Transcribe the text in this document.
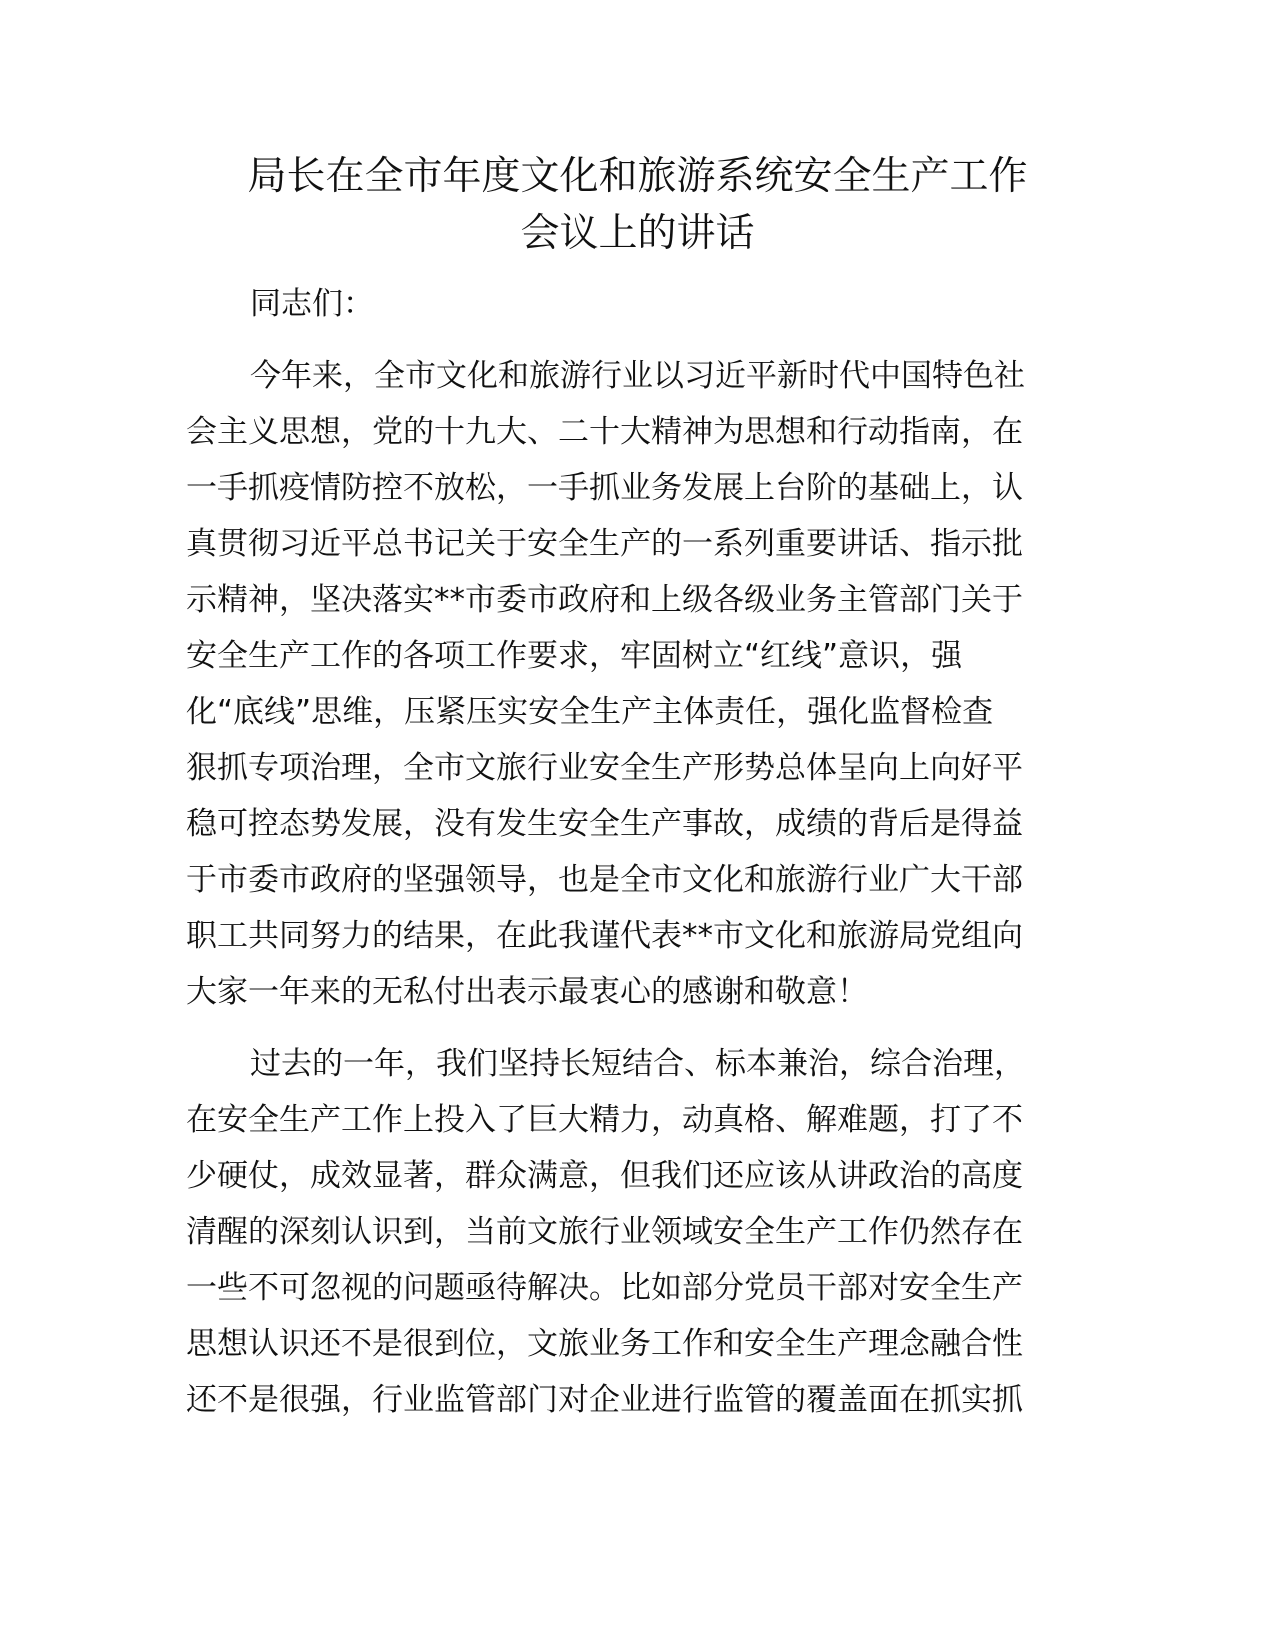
局长在全市年度文化和旅游系统安全生产工作
会议上的讲话

同志们：

今年来，全市文化和旅游行业以习近平新时代中国特色社
会主义思想，党的十九大、二十大精神为思想和行动指南，在
一手抓疫情防控不放松，一手抓业务发展上台阶的基础上，认
真贯彻习近平总书记关于安全生产的一系列重要讲话、指示批
示精神，坚决落实**市委市政府和上级各级业务主管部门关于
安全生产工作的各项工作要求，牢固树立“红线”意识，强
化“底线”思维，压紧压实安全生产主体责任，强化监督检查
狠抓专项治理，全市文旅行业安全生产形势总体呈向上向好平
稳可控态势发展，没有发生安全生产事故，成绩的背后是得益
于市委市政府的坚强领导，也是全市文化和旅游行业广大干部
职工共同努力的结果，在此我谨代表**市文化和旅游局党组向
大家一年来的无私付出表示最衷心的感谢和敬意！

过去的一年，我们坚持长短结合、标本兼治，综合治理，
在安全生产工作上投入了巨大精力，动真格、解难题，打了不
少硬仗，成效显著，群众满意，但我们还应该从讲政治的高度
清醒的深刻认识到，当前文旅行业领域安全生产工作仍然存在
一些不可忽视的问题亟待解决。比如部分党员干部对安全生产
思想认识还不是很到位，文旅业务工作和安全生产理念融合性
还不是很强，行业监管部门对企业进行监管的覆盖面在抓实抓
